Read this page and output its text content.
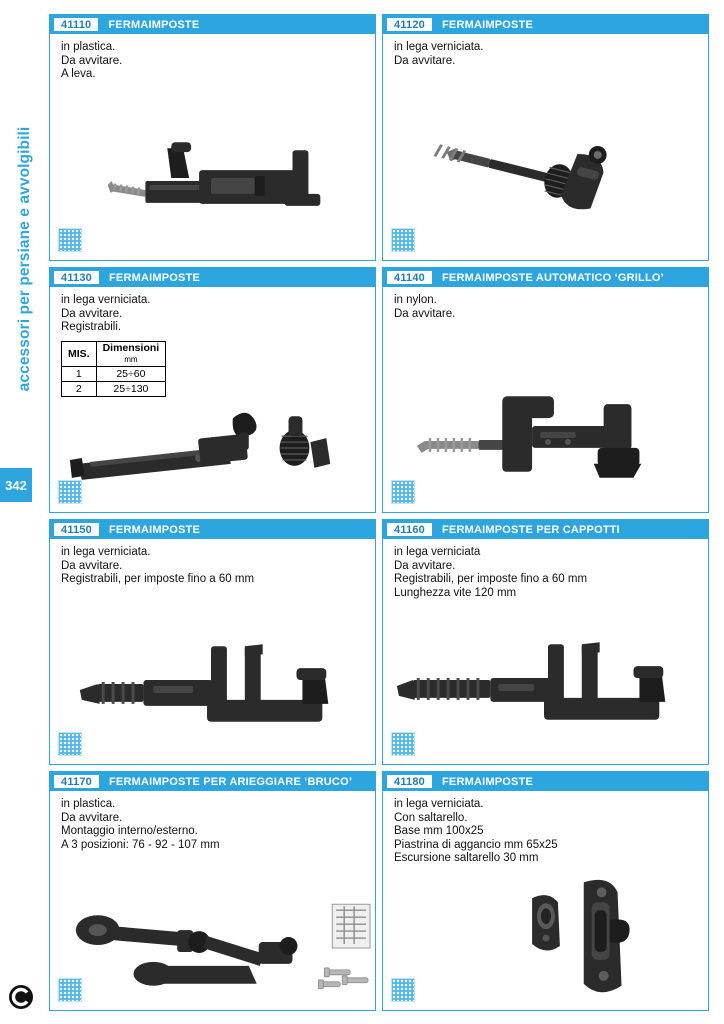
accessori per persiane e avvolgibili
342
41110	FERMAIMPOSTE
in plastica.
Da avvitare.
A leva.
41120	FERMAIMPOSTE
in lega verniciata.
Da avvitare.
41130	FERMAIMPOSTE
in lega verniciata.
Da avvitare.
Registrabili.
MIS.	Dimensioni
mm

1	25÷60
2	25÷130
41140	FERMAIMPOSTE AUTOMATICO ‘GRILLO’
in nylon.
Da avvitare.
41150	FERMAIMPOSTE
in lega verniciata.
Da avvitare.
Registrabili, per imposte fino a 60 mm
41160	FERMAIMPOSTE PER CAPPOTTI
in lega verniciata
Da avvitare.
Registrabili, per imposte fino a 60 mm
Lunghezza vite 120 mm
41170	FERMAIMPOSTE PER ARIEGGIARE ‘BRUCO’
in plastica.
Da avvitare.
Montaggio interno/esterno.
A 3 posizioni: 76 - 92 - 107 mm
41180	FERMAIMPOSTE
in lega verniciata.
Con saltarello.
Base mm 100x25
Piastrina di aggancio mm 65x25
Escursione saltarello 30 mm
